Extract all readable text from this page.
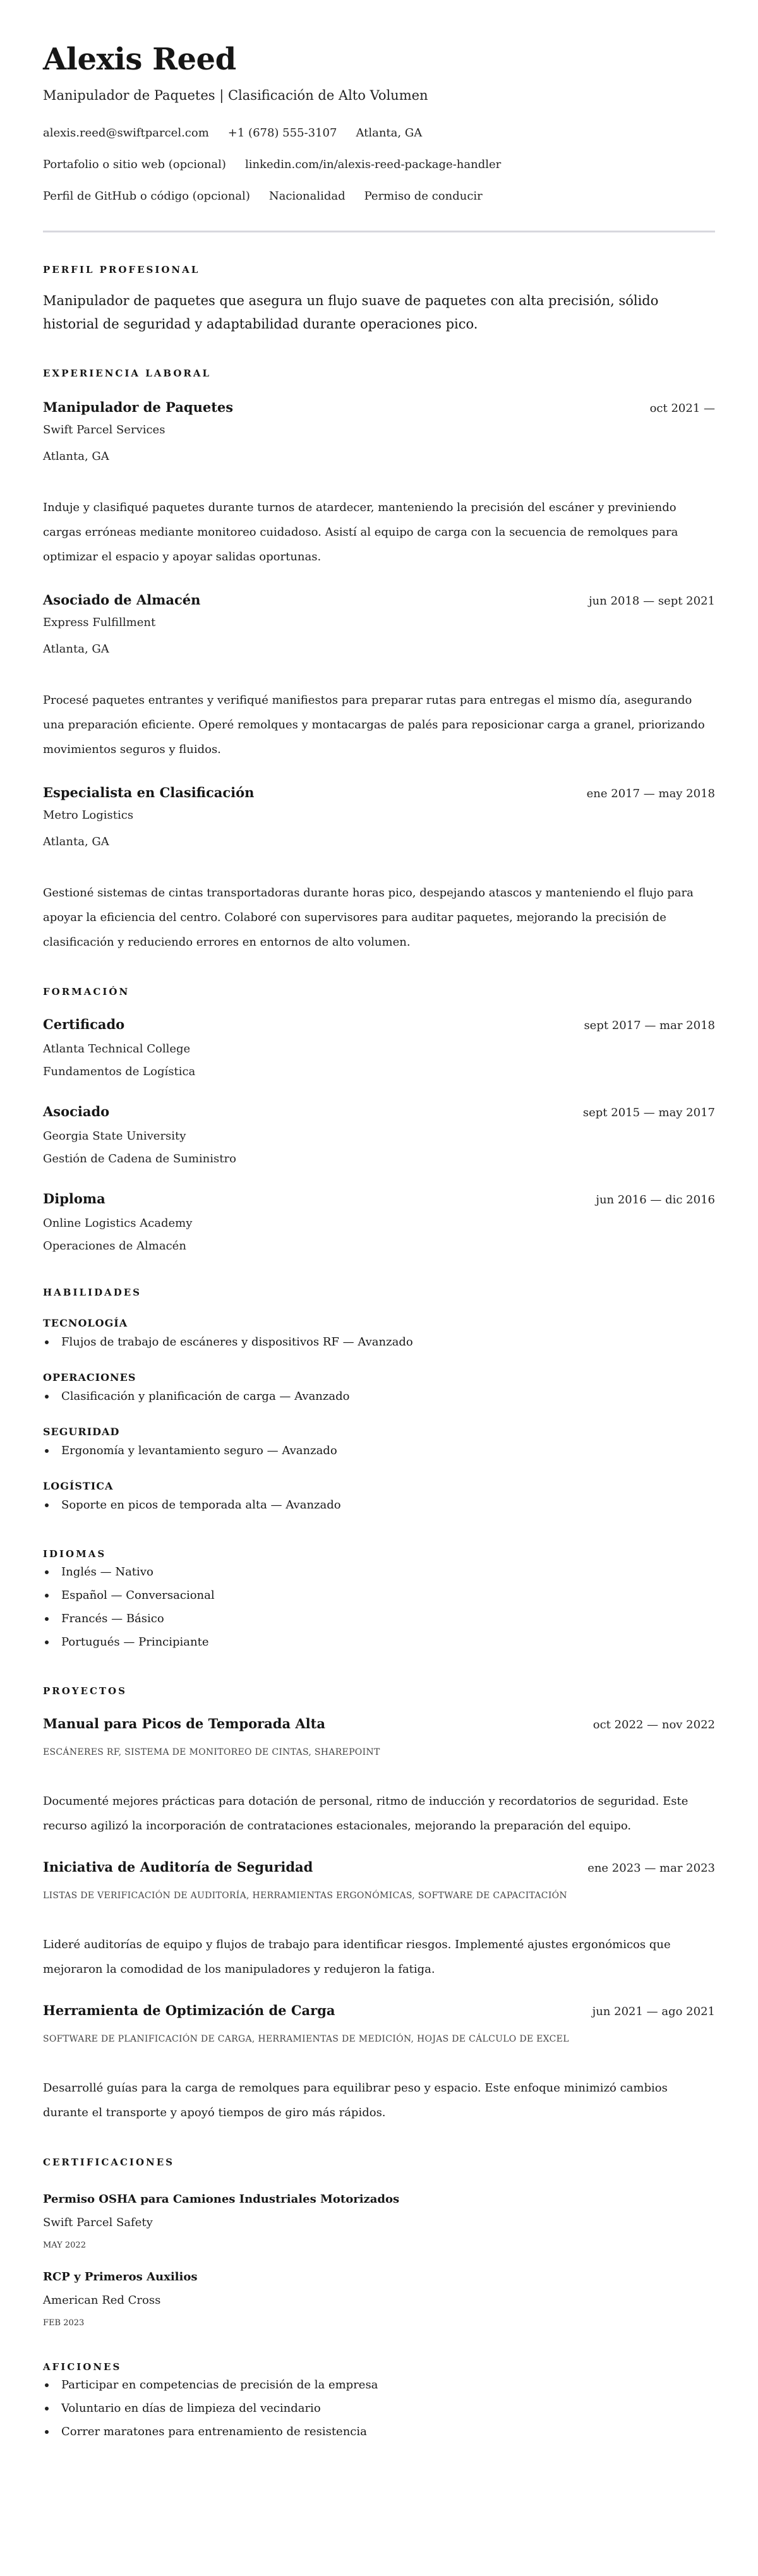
Alexis Reed
Manipulador de Paquetes | Clasificación de Alto Volumen
alexis.reed@swiftparcel.com +1 (678) 555-3107 Atlanta, GA
Portafolio o sitio web (opcional) linkedin.com/in/alexis-reed-package-handler
Perfil de GitHub o código (opcional) Nacionalidad Permiso de conducir
PERFIL PROFESIONAL
Manipulador de paquetes que asegura un flujo suave de paquetes con alta precisión, sólido historial de seguridad y adaptabilidad durante operaciones pico.
EXPERIENCIA LABORAL
Manipulador de Paquetes	oct 2021 —
Swift Parcel Services
Atlanta, GA
Induje y clasifiqué paquetes durante turnos de atardecer, manteniendo la precisión del escáner y previniendo cargas erróneas mediante monitoreo cuidadoso. Asistí al equipo de carga con la secuencia de remolques para optimizar el espacio y apoyar salidas oportunas.
Asociado de Almacén	jun 2018 — sept 2021
Express Fulfillment
Atlanta, GA
Procesé paquetes entrantes y verifiqué manifiestos para preparar rutas para entregas el mismo día, asegurando una preparación eficiente. Operé remolques y montacargas de palés para reposicionar carga a granel, priorizando movimientos seguros y fluidos.
Especialista en Clasificación	ene 2017 — may 2018
Metro Logistics
Atlanta, GA
Gestioné sistemas de cintas transportadoras durante horas pico, despejando atascos y manteniendo el flujo para apoyar la eficiencia del centro. Colaboré con supervisores para auditar paquetes, mejorando la precisión de clasificación y reduciendo errores en entornos de alto volumen.
FORMACIÓN
Certificado	sept 2017 — mar 2018
Atlanta Technical College
Fundamentos de Logística
Asociado	sept 2015 — may 2017
Georgia State University
Gestión de Cadena de Suministro
Diploma	jun 2016 — dic 2016
Online Logistics Academy
Operaciones de Almacén
HABILIDADES
TECNOLOGÍA
Flujos de trabajo de escáneres y dispositivos RF — Avanzado
OPERACIONES
Clasificación y planificación de carga — Avanzado
SEGURIDAD
Ergonomía y levantamiento seguro — Avanzado
LOGÍSTICA
Soporte en picos de temporada alta — Avanzado
IDIOMAS
Inglés — Nativo
Español — Conversacional
Francés — Básico
Portugués — Principiante
PROYECTOS
Manual para Picos de Temporada Alta	oct 2022 — nov 2022
ESCÁNERES RF, SISTEMA DE MONITOREO DE CINTAS, SHAREPOINT
Documenté mejores prácticas para dotación de personal, ritmo de inducción y recordatorios de seguridad. Este recurso agilizó la incorporación de contrataciones estacionales, mejorando la preparación del equipo.
Iniciativa de Auditoría de Seguridad	ene 2023 — mar 2023
LISTAS DE VERIFICACIÓN DE AUDITORÍA, HERRAMIENTAS ERGONÓMICAS, SOFTWARE DE CAPACITACIÓN
Lideré auditorías de equipo y flujos de trabajo para identificar riesgos. Implementé ajustes ergonómicos que mejoraron la comodidad de los manipuladores y redujeron la fatiga.
Herramienta de Optimización de Carga	jun 2021 — ago 2021
SOFTWARE DE PLANIFICACIÓN DE CARGA, HERRAMIENTAS DE MEDICIÓN, HOJAS DE CÁLCULO DE EXCEL
Desarrollé guías para la carga de remolques para equilibrar peso y espacio. Este enfoque minimizó cambios durante el transporte y apoyó tiempos de giro más rápidos.
CERTIFICACIONES
Permiso OSHA para Camiones Industriales Motorizados
Swift Parcel Safety
MAY 2022
RCP y Primeros Auxilios
American Red Cross
FEB 2023
AFICIONES
Participar en competencias de precisión de la empresa
Voluntario en días de limpieza del vecindario
Correr maratones para entrenamiento de resistencia
